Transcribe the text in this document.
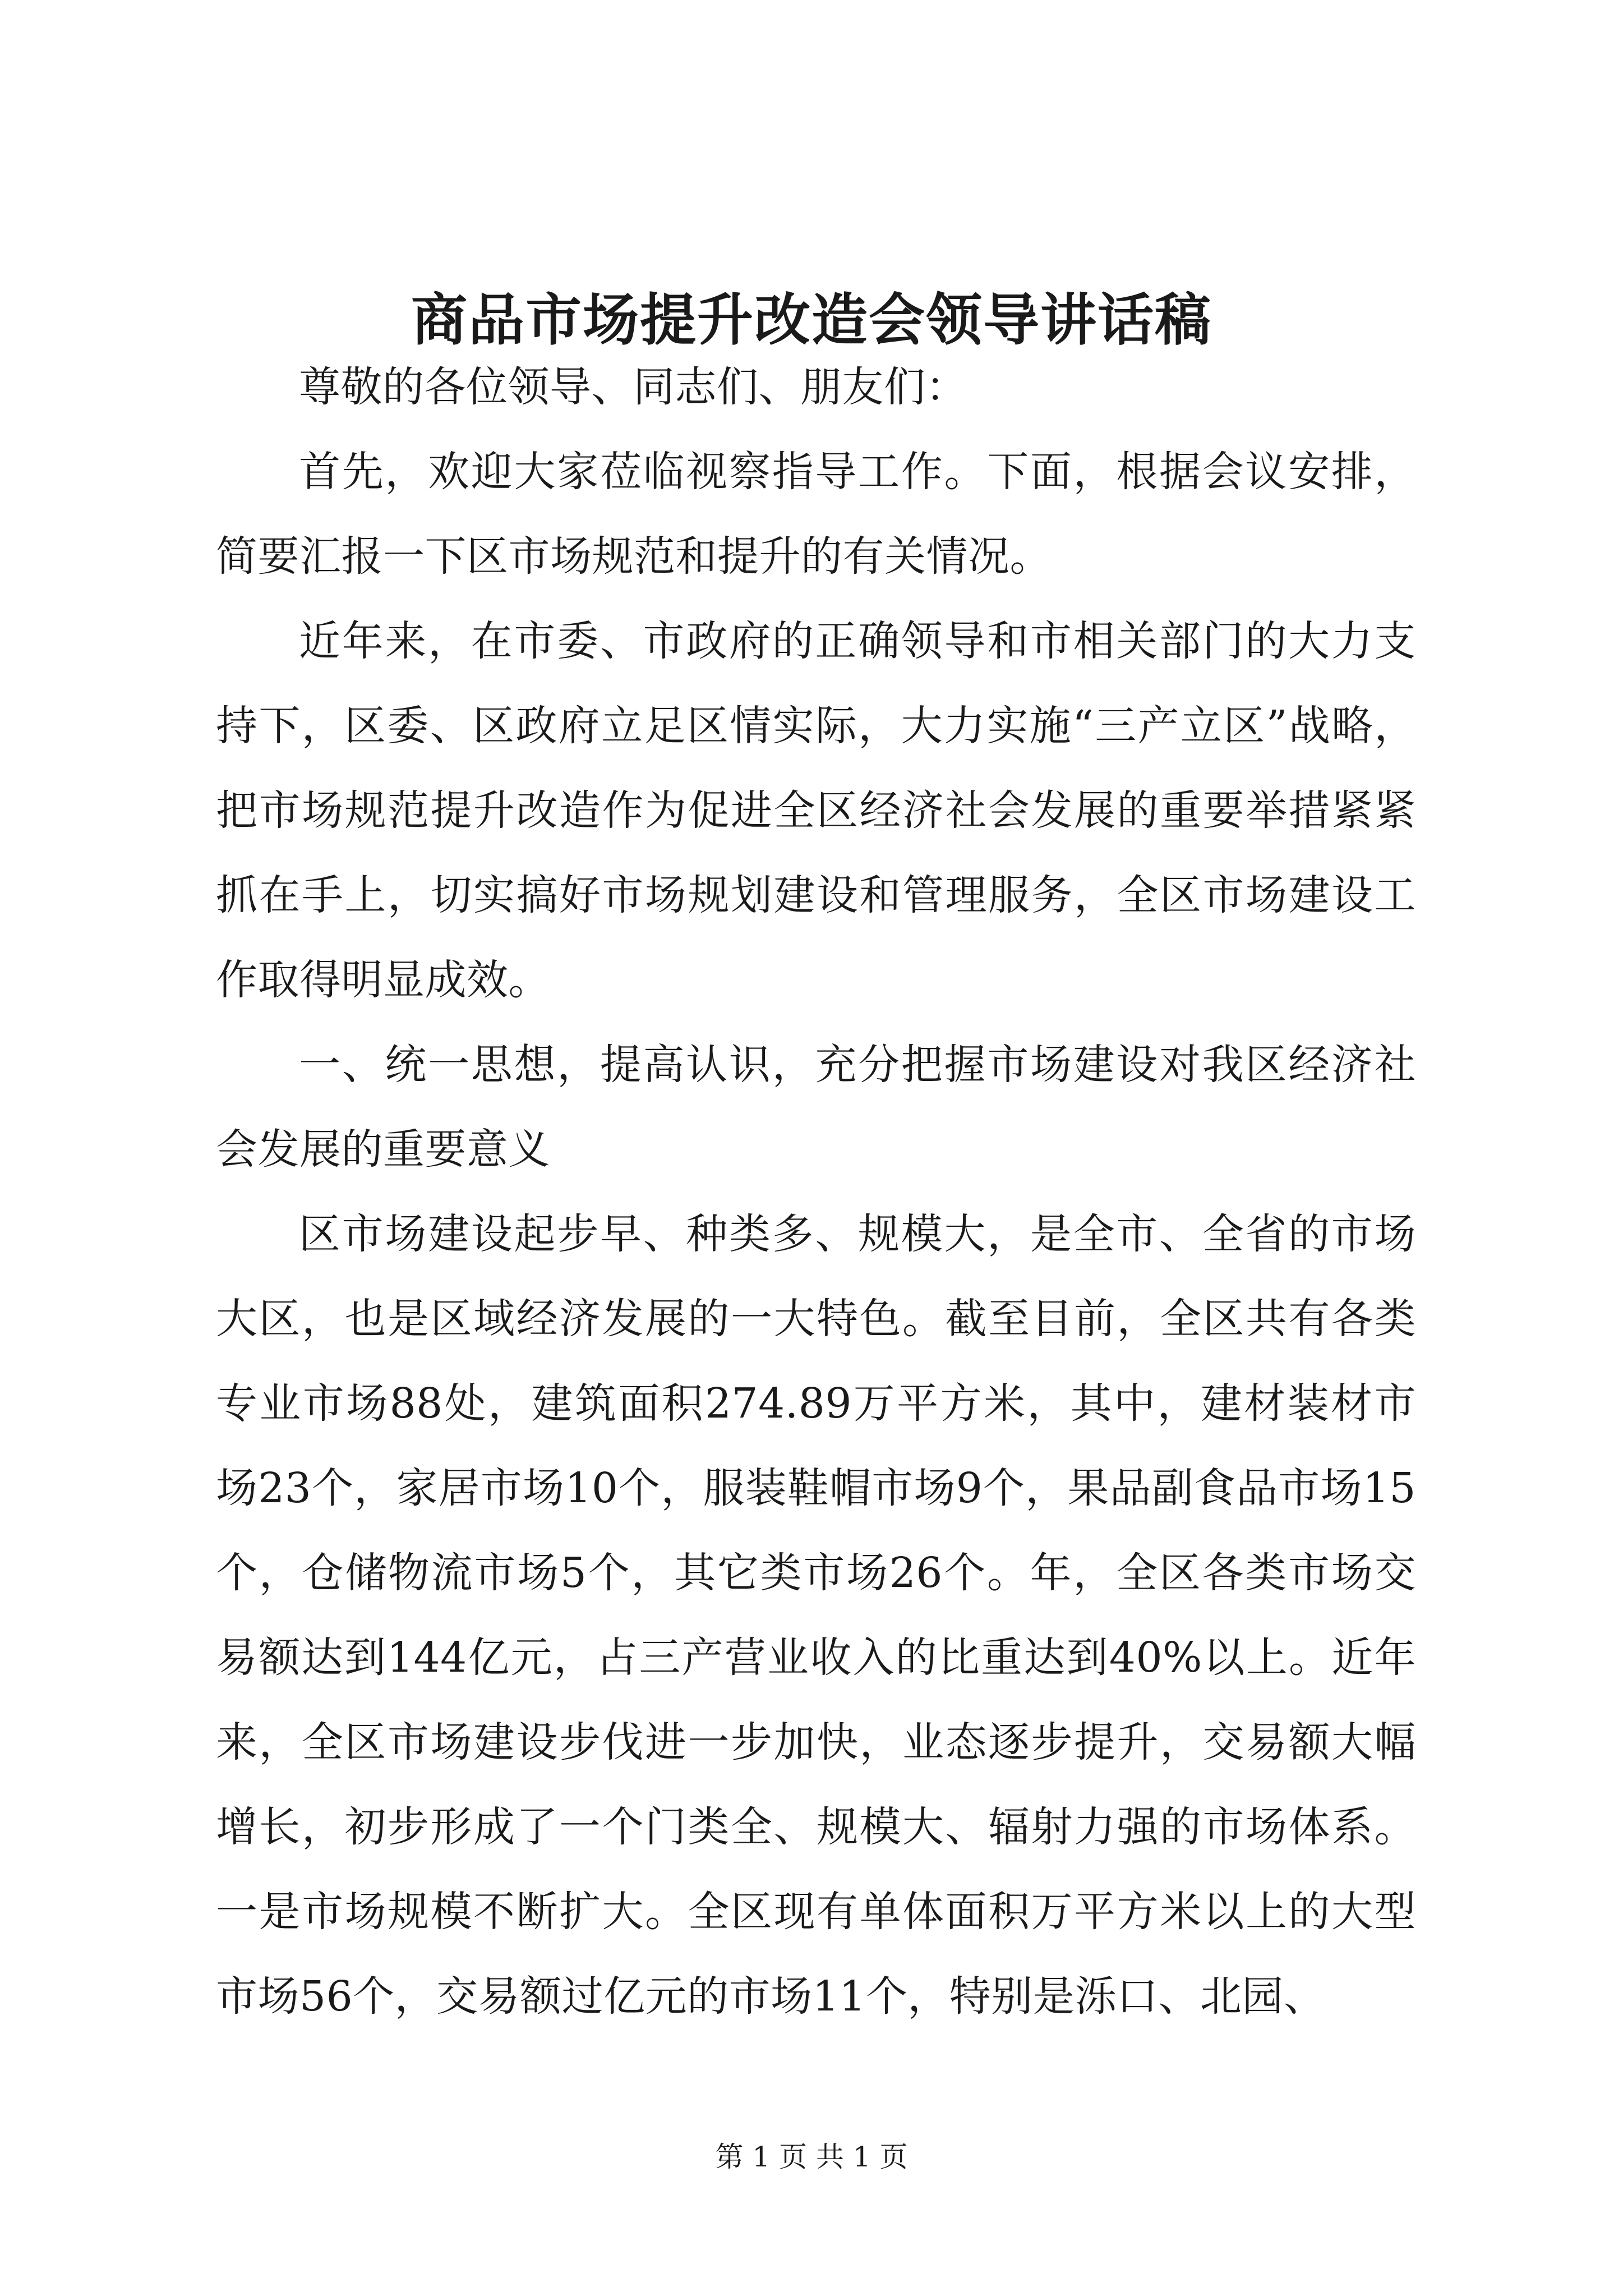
商品市场提升改造会领导讲话稿

尊敬的各位领导、同志们、朋友们：

首先，欢迎大家莅临视察指导工作。下面，根据会议安排，简要汇报一下区市场规范和提升的有关情况。

近年来，在市委、市政府的正确领导和市相关部门的大力支持下，区委、区政府立足区情实际，大力实施“三产立区”战略，把市场规范提升改造作为促进全区经济社会发展的重要举措紧紧抓在手上，切实搞好市场规划建设和管理服务，全区市场建设工作取得明显成效。

一、统一思想，提高认识，充分把握市场建设对我区经济社会发展的重要意义

区市场建设起步早、种类多、规模大，是全市、全省的市场大区，也是区域经济发展的一大特色。截至目前，全区共有各类专业市场88处，建筑面积274.89万平方米，其中，建材装材市场23个，家居市场10个，服装鞋帽市场9个，果品副食品市场15个，仓储物流市场5个，其它类市场26个。年，全区各类市场交易额达到144亿元，占三产营业收入的比重达到40%以上。近年来，全区市场建设步伐进一步加快，业态逐步提升，交易额大幅增长，初步形成了一个门类全、规模大、辐射力强的市场体系。一是市场规模不断扩大。全区现有单体面积万平方米以上的大型市场56个，交易额过亿元的市场11个，特别是泺口、北园、

第 1 页 共 1 页
